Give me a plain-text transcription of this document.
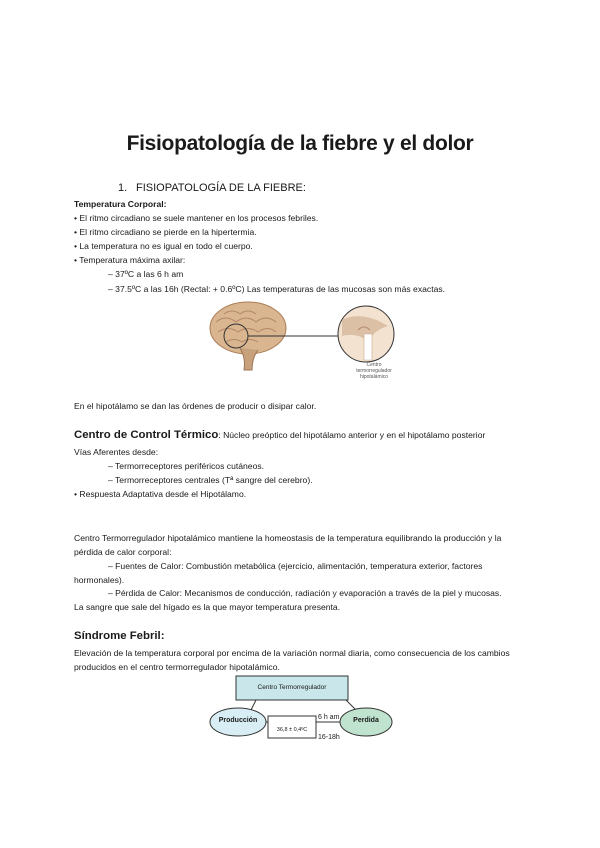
Fisiopatología de la fiebre y el dolor
1. FISIOPATOLOGÍA DE LA FIEBRE:
Temperatura Corporal:
• El ritmo circadiano se suele mantener en los procesos febriles.
• El ritmo circadiano se pierde en la hipertermia.
• La temperatura no es igual en todo el cuerpo.
• Temperatura máxima axilar:
– 37ºC a las 6 h am
– 37.5ºC a las 16h (Rectal: + 0.6ºC) Las temperaturas de las mucosas son más exactas.
Centro termorregulador hipotalámico
En el hipotálamo se dan las órdenes de producir o disipar calor.
Centro de Control Térmico: Núcleo preóptico del hipotálamo anterior y en el hipotálamo posterior
Vías Aferentes desde:
– Termorreceptores periféricos cutáneos.
– Termorreceptores centrales (Tª sangre del cerebro).
• Respuesta Adaptativa desde el Hipotálamo.
Centro Termorregulador hipotalámico mantiene la homeostasis de la temperatura equilibrando la producción y la pérdida de calor corporal:
– Fuentes de Calor: Combustión metabólica (ejercicio, alimentación, temperatura exterior, factores hormonales).
– Pérdida de Calor: Mecanismos de conducción, radiación y evaporación a través de la piel y mucosas.
La sangre que sale del hígado es la que mayor temperatura presenta.
Síndrome Febril:
Elevación de la temperatura corporal por encima de la variación normal diaria, como consecuencia de los cambios producidos en el centro termorregulador hipotalámico.
Centro Termorregulador
Producción	Perdida
36,8 ± 0,4ºC
6 h am
16-18h
